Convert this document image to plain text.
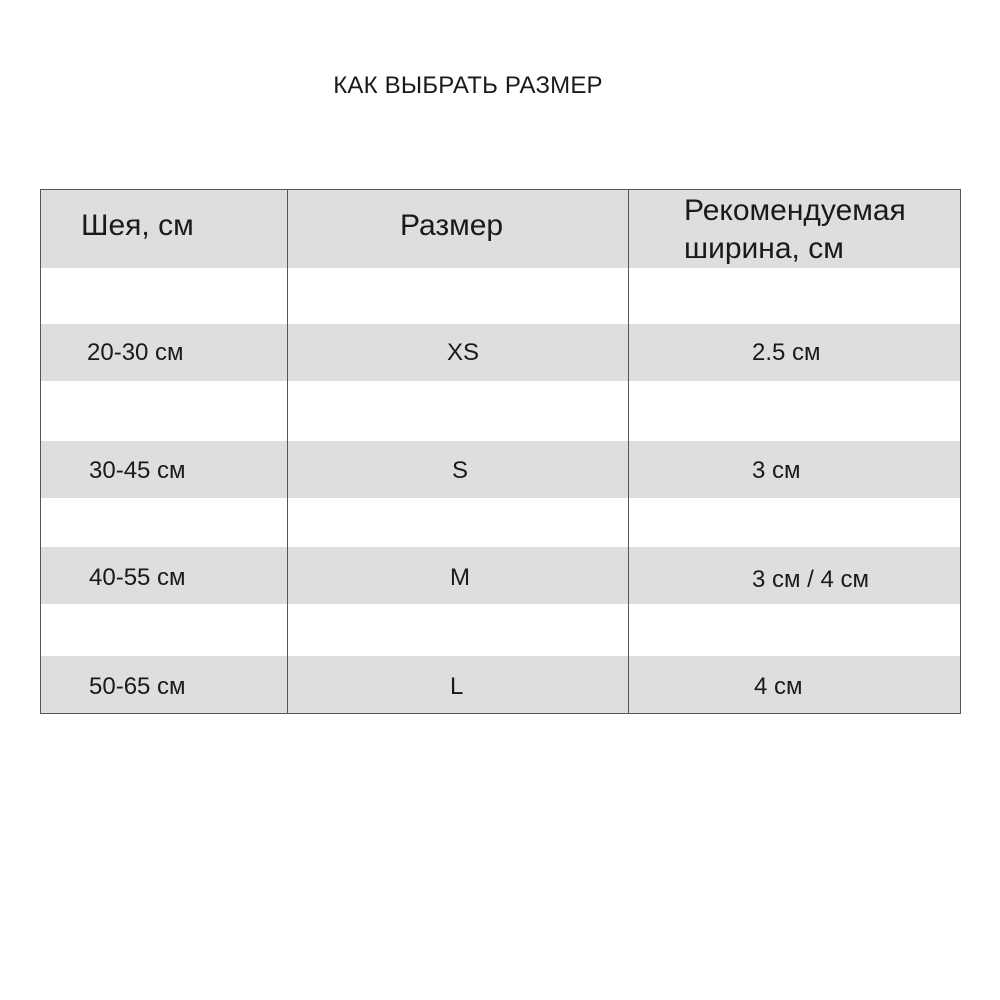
КАК ВЫБРАТЬ РАЗМЕР
Шея, см	Размер	Рекомендуемая
ширина, см
20-30 см	XS	2.5 см
30-45 см	S	3 см
40-55 см	M	3 см / 4 см
50-65 см	L	4 см
